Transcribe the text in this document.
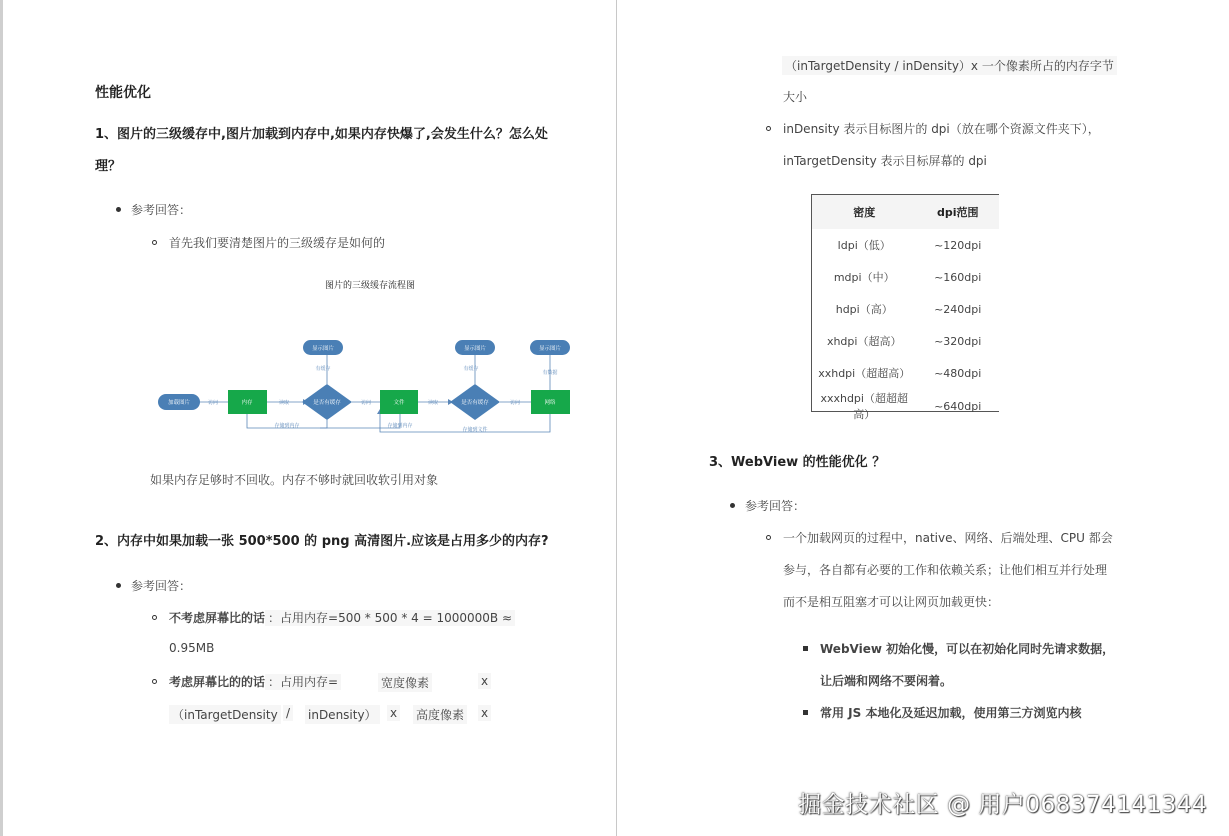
性能优化
1、图片的三级缓存中,图片加载到内存中,如果内存快爆了,会发生什么？怎么处
理？
参考回答：
首先我们要清楚图片的三级缓存是如何的
图片的三级缓存流程图
加载图片	内存	是否有缓存	文件	是否有缓存	网络
显示图片	显示图片	显示图片
访问	读取	访问	读取	访问
有缓存	有缓存
有数据
存储到内存	存储到内存
存储到文件
如果内存足够时不回收。内存不够时就回收软引用对象
2、内存中如果加载一张 500*500 的 png 高清图片.应该是占用多少的内存?
参考回答：
不考虑屏幕比的话 ：占用内存=500 * 500 * 4 = 1000000B ≈
0.95MB
考虑屏幕比的的话 ：占用内存=	宽度像素	x
（inTargetDensity / inDensity） x 高度像素 x
（inTargetDensity / inDensity）x 一个像素所占的内存字节
大小
inDensity 表示目标图片的 dpi（放在哪个资源文件夹下），
inTargetDensity 表示目标屏幕的 dpi
密度	dpi范围
ldpi（低）	~120dpi
mdpi（中）	~160dpi
hdpi（高）	~240dpi
xhdpi（超高）	~320dpi
xxhdpi（超超高）	~480dpi
xxxhdpi（超超超高）	~640dpi
3、WebView 的性能优化 ？
参考回答：
一个加载网页的过程中，native、网络、后端处理、CPU 都会
参与，各自都有必要的工作和依赖关系；让他们相互并行处理
而不是相互阻塞才可以让网页加载更快：
WebView 初始化慢，可以在初始化同时先请求数据，
让后端和网络不要闲着。
常用 JS 本地化及延迟加载，使用第三方浏览内核
掘金技术社区 @ 用户068374141344
